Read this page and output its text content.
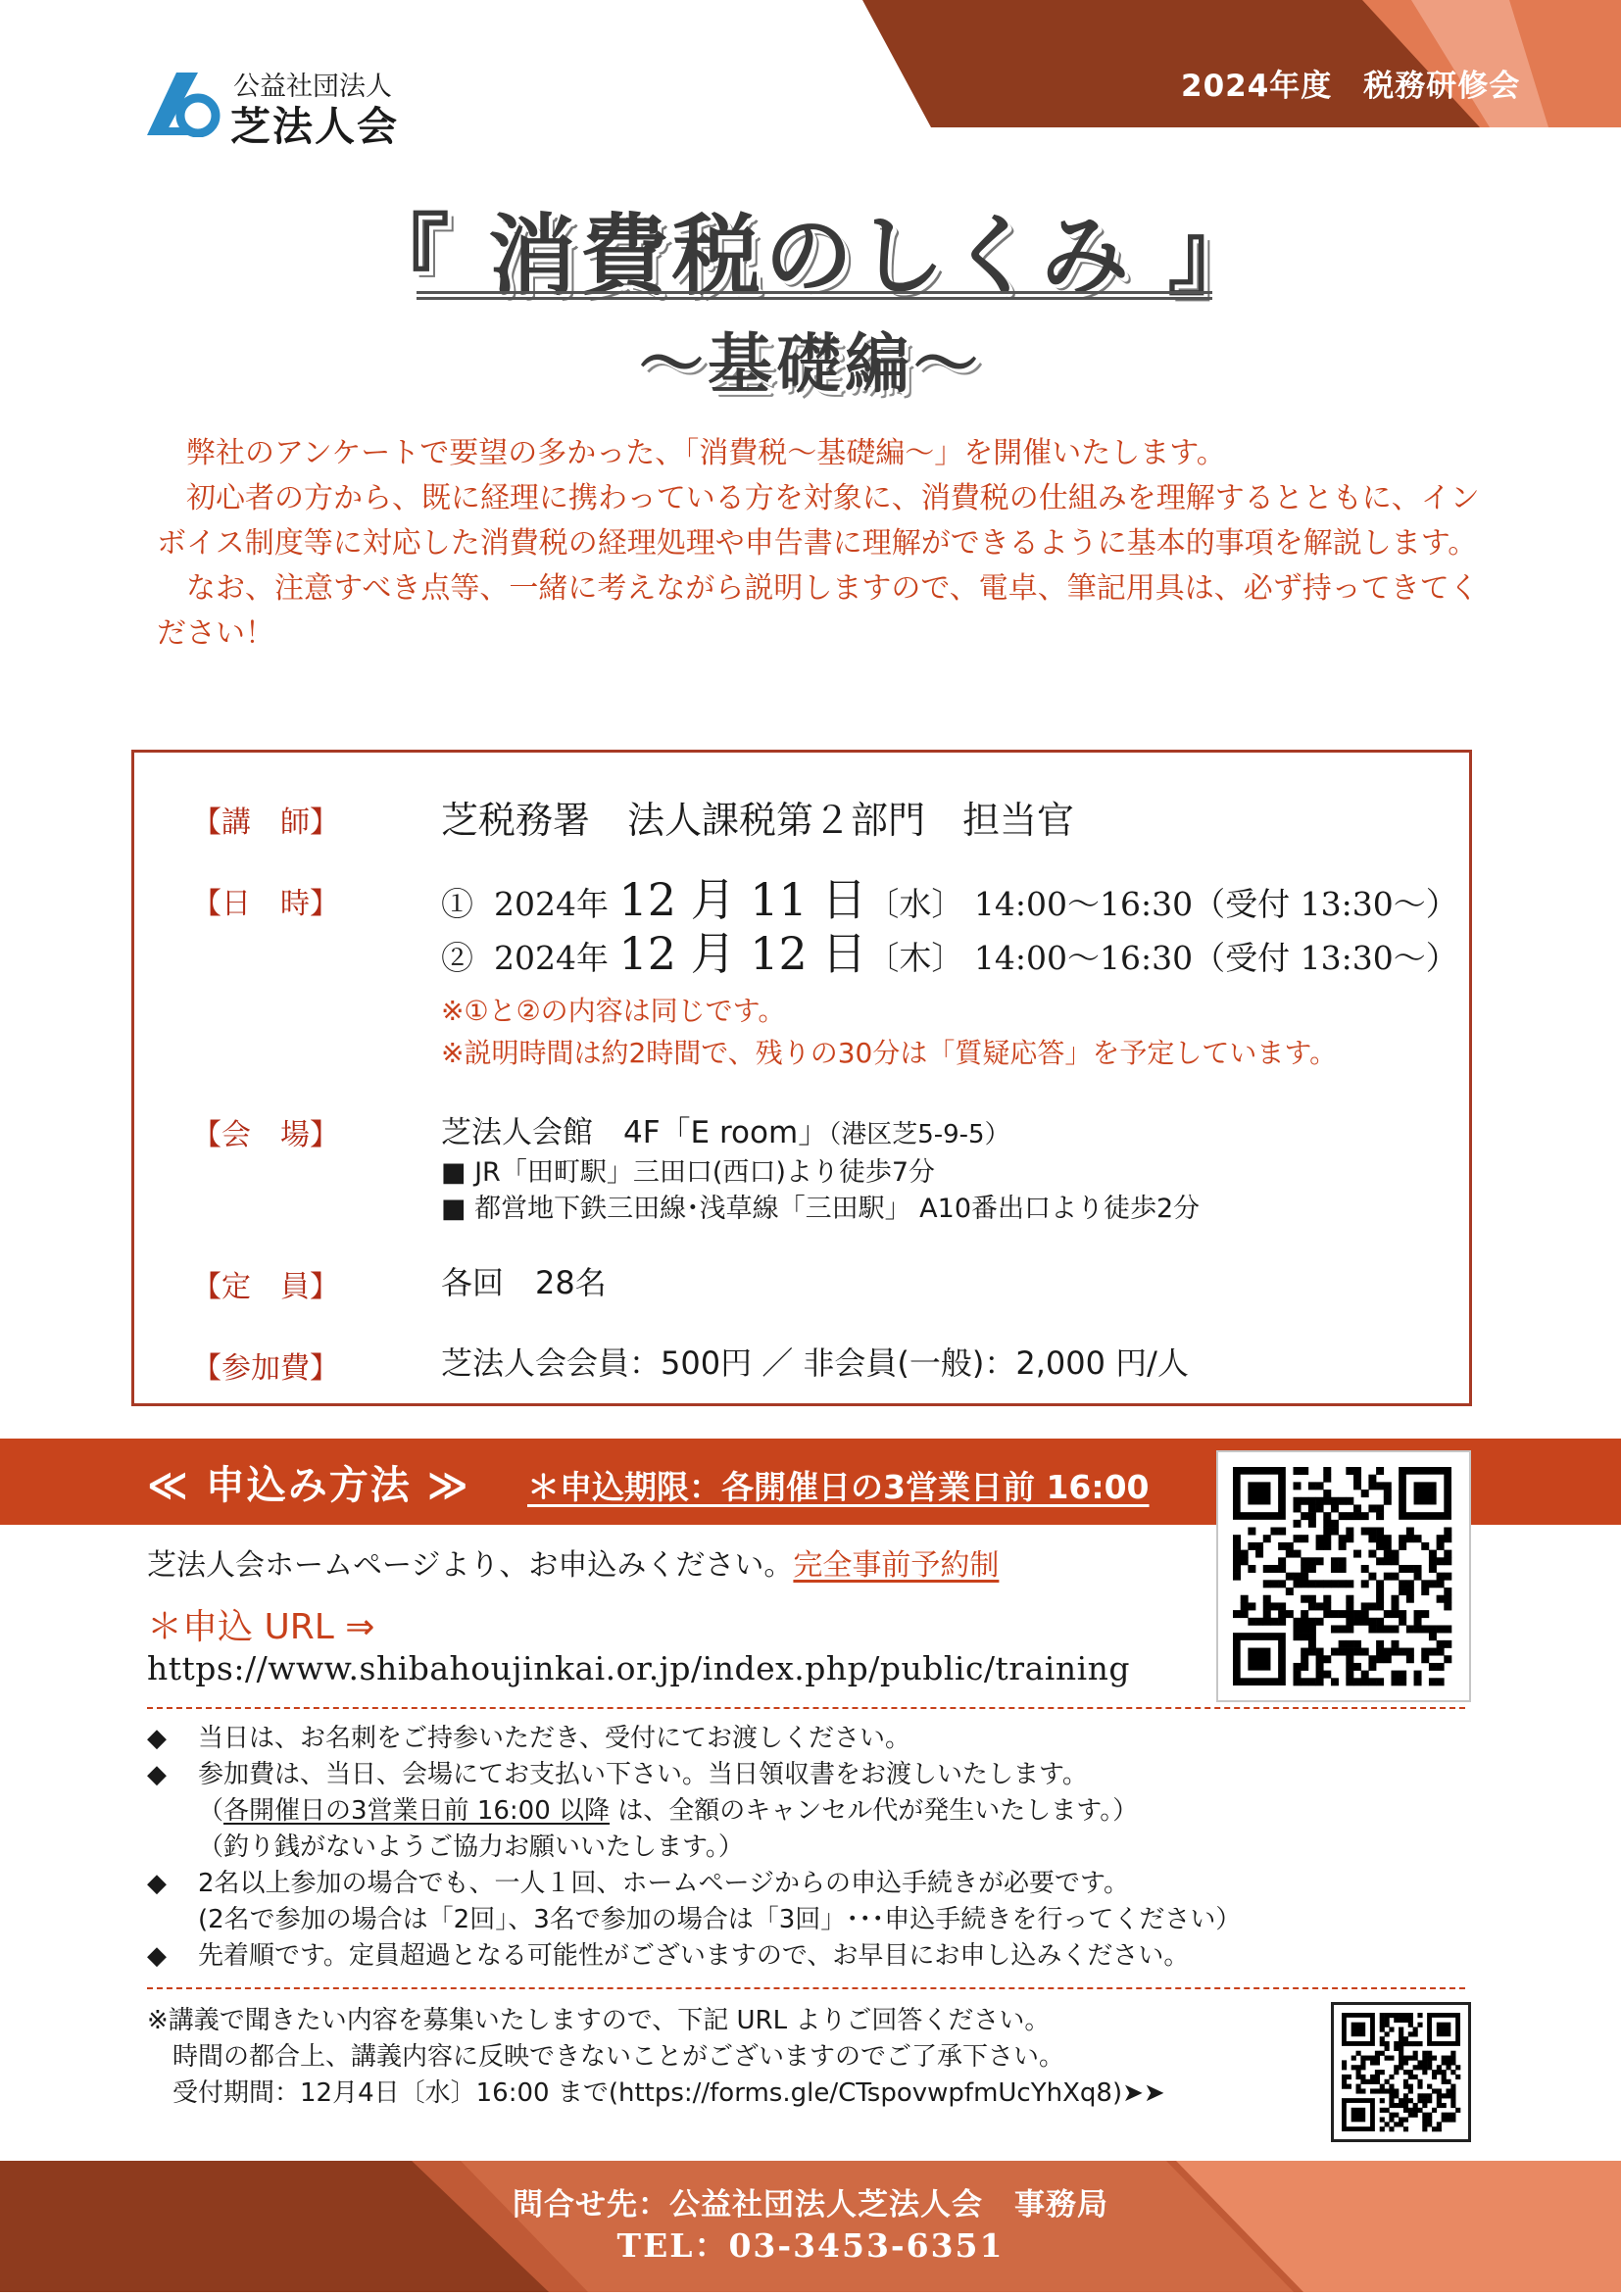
公益社団法人
芝法人会
2024年度　税務研修会
『 消費税のしくみ 』
～基礎編～

　弊社のアンケートで要望の多かった、「消費税～基礎編～」を開催いたします。

　初心者の方から、既に経理に携わっている方を対象に、消費税の仕組みを理解するとともに、インボイス制度等に対応した消費税の経理処理や申告書に理解ができるように基本的事項を解説します。

　なお、注意すべき点等、一緒に考えながら説明しますので、電卓、筆記用具は、必ず持ってきてください！

【講　師】	芝税務署　法人課税第２部門　担当官
【日　時】	① 2024年 12 月 11 日〔水〕 14:00～16:30（受付 13:30～）
② 2024年 12 月 12 日〔木〕 14:00～16:30（受付 13:30～）
※①と②の内容は同じです。
※説明時間は約2時間で、残りの30分は「質疑応答」を予定しています。
【会　場】	芝法人会館　4F「E room」（港区芝5-9-5）
■ JR「田町駅」三田口(西口)より徒歩7分
■ 都営地下鉄三田線･浅草線「三田駅」 A10番出口より徒歩2分
【定　員】	各回　28名
【参加費】	芝法人会会員：500円 ／ 非会員(一般)：2,000 円/人
≪ 申込み方法 ≫ ＊申込期限：各開催日の3営業日前 16:00
芝法人会ホームページより、お申込みください。完全事前予約制
＊申込 URL ⇒
https://www.shibahoujinkai.or.jp/index.php/public/training
◆ 当日は、お名刺をご持参いただき、受付にてお渡しください。
◆ 参加費は、当日、会場にてお支払い下さい。当日領収書をお渡しいたします。
（各開催日の3営業日前 16:00 以降 は、全額のキャンセル代が発生いたします。）
（釣り銭がないようご協力お願いいたします。）
◆ 2名以上参加の場合でも、一人１回、ホームページからの申込手続きが必要です。
(2名で参加の場合は「2回」、3名で参加の場合は「3回」･･･申込手続きを行ってください）
◆ 先着順です。定員超過となる可能性がございますので、お早目にお申し込みください。
※講義で聞きたい内容を募集いたしますので、下記 URL よりご回答ください。
　時間の都合上、講義内容に反映できないことがございますのでご了承下さい。
　受付期間：12月4日〔水〕16:00 まで(https://forms.gle/CTspovwpfmUcYhXq8)➤➤
問合せ先：公益社団法人芝法人会　事務局
TEL：03-3453-6351
